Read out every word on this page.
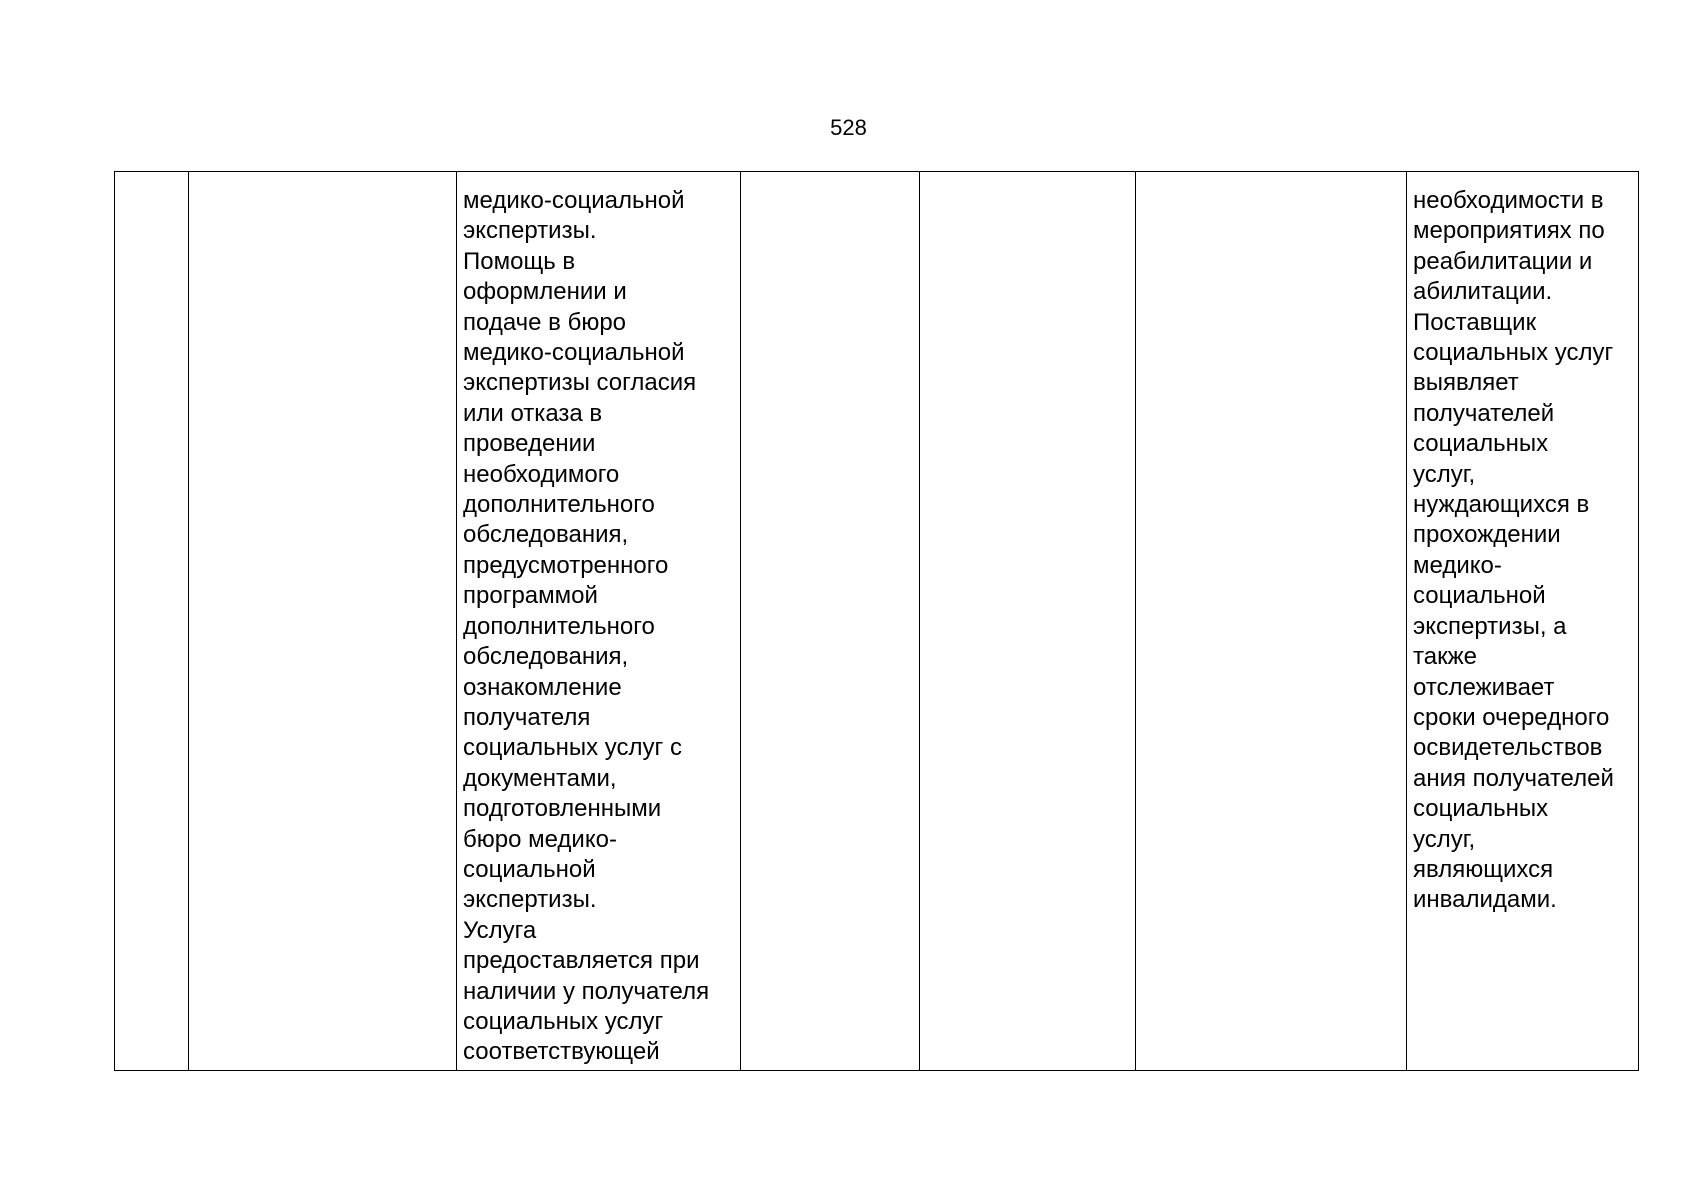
528
		медико-социальной
экспертизы.
Помощь в
оформлении и
подаче в бюро
медико-социальной
экспертизы согласия
или отказа в
проведении
необходимого
дополнительного
обследования,
предусмотренного
программой
дополнительного
обследования,
ознакомление
получателя
социальных услуг с
документами,
подготовленными
бюро медико-
социальной
экспертизы.
Услуга
предоставляется при
наличии у получателя
социальных услуг
соответствующей				необходимости в
мероприятиях по
реабилитации и
абилитации.
Поставщик
социальных услуг
выявляет
получателей
социальных
услуг,
нуждающихся в
прохождении
медико-
социальной
экспертизы, а
также
отслеживает
сроки очередного
освидетельствов
ания получателей
социальных
услуг,
являющихся
инвалидами.
